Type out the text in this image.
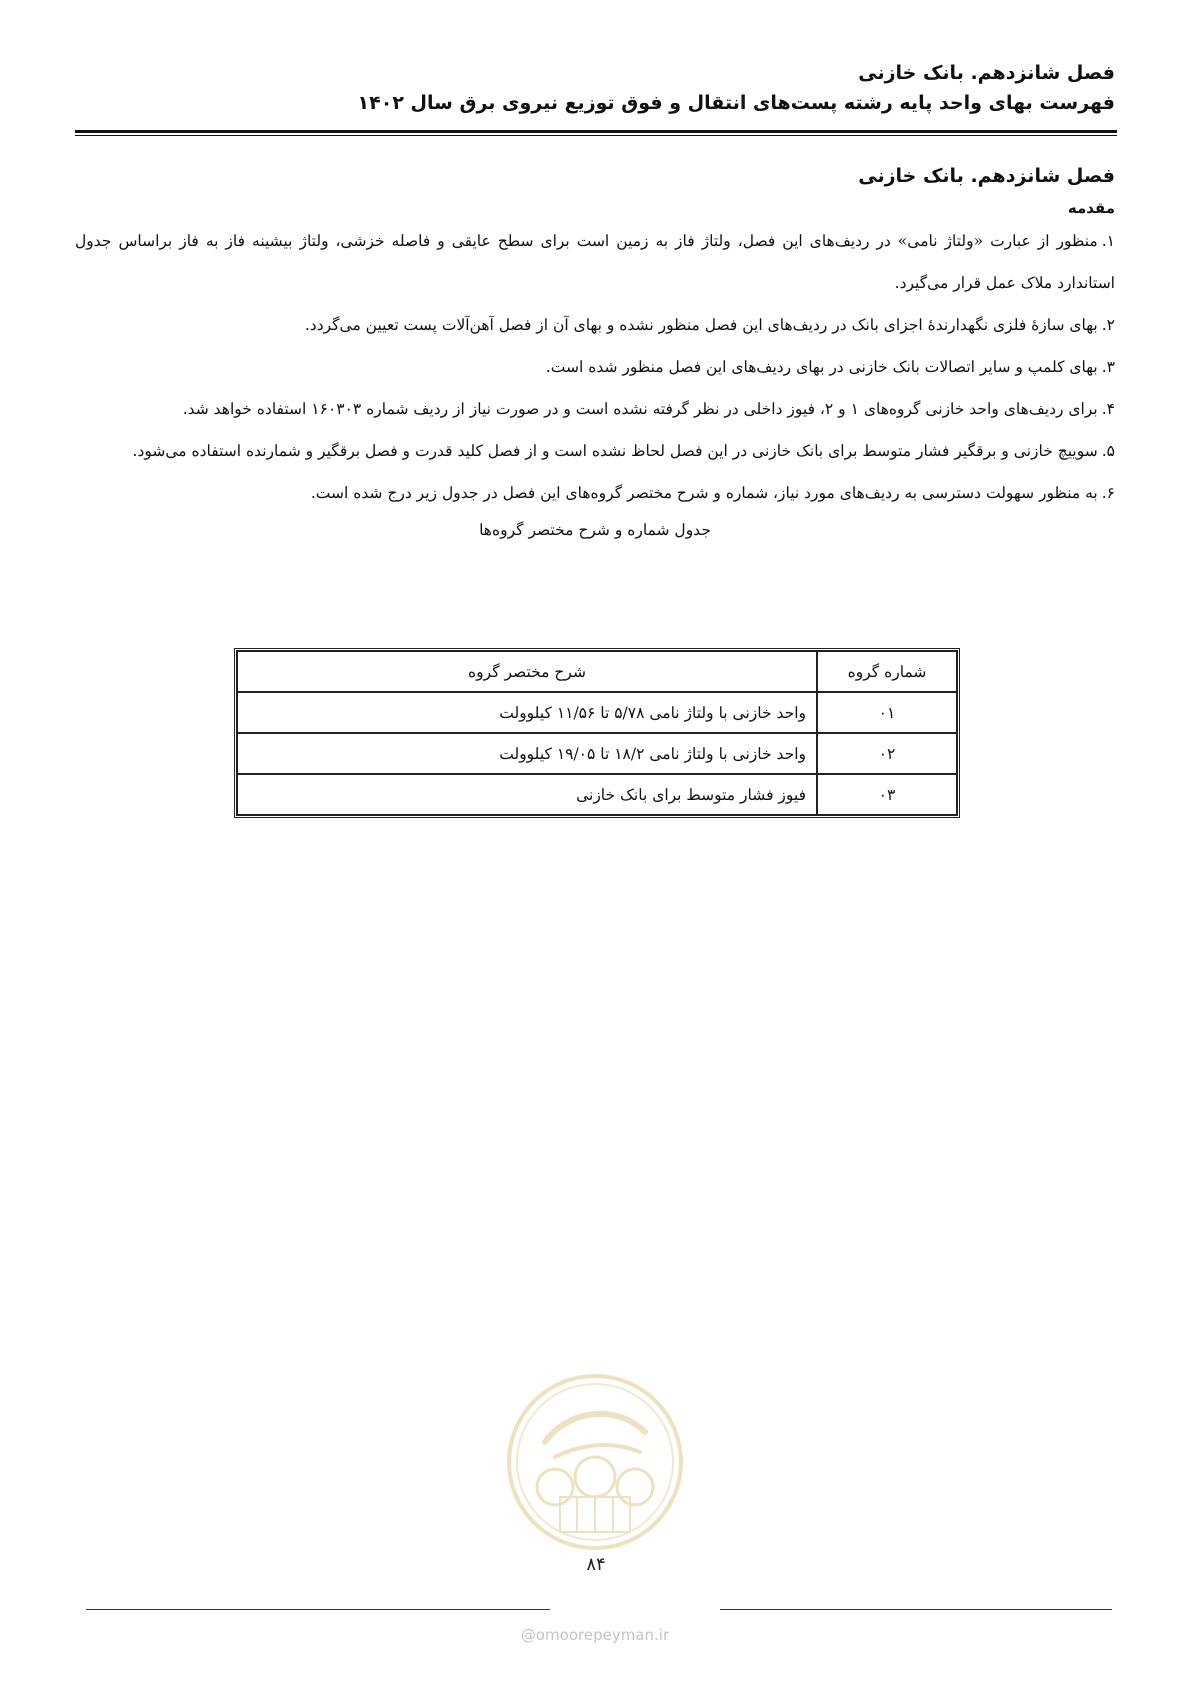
فصل شانزدهم. بانک خازنی
فهرست بهای واحد پایه رشته پست‌های انتقال و فوق توزیع نیروی برق سال ۱۴۰۲
فصل شانزدهم. بانک خازنی
مقدمه

۱.منظور از عبارت «ولتاژ نامی» در ردیف‌های این فصل، ولتاژ فاز به زمین است برای سطح عایقی و فاصله خزشی، ولتاژ بیشینه فاز به فاز براساس جدول استاندارد ملاک عمل قرار می‌گیرد.

۲.بهای سازهٔ فلزی نگهدارندهٔ اجزای بانک در ردیف‌های این فصل منظور نشده و بهای آن از فصل آهن‌آلات پست تعیین می‌گردد.

۳.بهای کلمپ و سایر اتصالات بانک خازنی در بهای ردیف‌های این فصل منظور شده است.

۴.برای ردیف‌های واحد خازنی گروه‌های ۱ و ۲، فیوز داخلی در نظر گرفته نشده است و در صورت نیاز از ردیف شماره ۱۶۰۳۰۳ استفاده خواهد شد.

۵.سوییچ خازنی و برقگیر فشار متوسط برای بانک خازنی در این فصل لحاظ نشده است و از فصل کلید قدرت و فصل برقگیر و شمارنده استفاده می‌شود.

۶.به منظور سهولت دسترسی به ردیف‌های مورد نیاز، شماره و شرح مختصر گروه‌های این فصل در جدول زیر درج شده است.

جدول شماره و شرح مختصر گروه‌ها
شماره گروه	شرح مختصر گروه
۰۱	واحد خازنی با ولتاژ نامی ۵/۷۸ تا ۱۱/۵۶ کیلوولت
۰۲	واحد خازنی با ولتاژ نامی ۱۸/۲ تا ۱۹/۰۵ کیلوولت
۰۳	فیوز فشار متوسط برای بانک خازنی
۸۴
@omoorepeyman.ir
